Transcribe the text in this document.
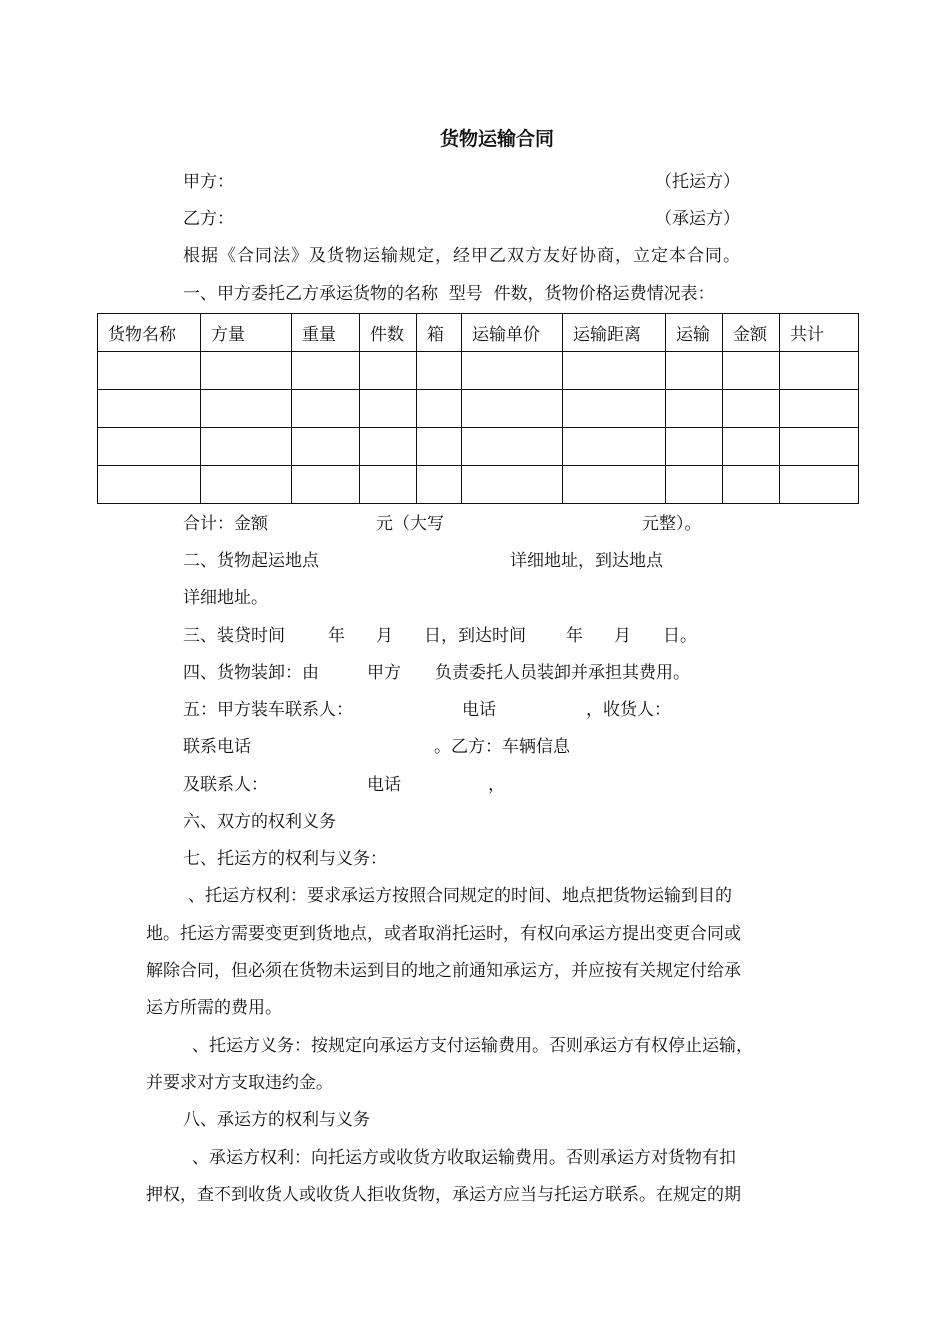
货物运输合同
甲方：	（托运方）
乙方：	（承运方）
根据《合同法》及货物运输规定，经甲乙双方友好协商，立定本合同。
一、甲方委托乙方承运货物的名称  型号  件数，货物价格运费情况表：
货物名称	方量	重量	件数	箱	运输单价	运输距离	运输	金额	共计

合计：金额	元（大写	元整）。
二、货物起运地点	详细地址，到达地点
详细地址。
三、装贷时间	年 月 日，到达时间 年 月 日。
四、货物装卸：由	甲方 负责委托人员装卸并承担其费用。
五：甲方装车联系人：	电话	，收货人：
联系电话	。乙方：车辆信息
及联系人：	电话	，
六、双方的权利义务
七、托运方的权利与义务：
、托运方权利：要求承运方按照合同规定的时间、地点把货物运输到目的
地。托运方需要变更到货地点，或者取消托运时，有权向承运方提出变更合同或
解除合同，但必须在货物未运到目的地之前通知承运方，并应按有关规定付给承
运方所需的费用。
、托运方义务：按规定向承运方支付运输费用。否则承运方有权停止运输，
并要求对方支取违约金。
八、承运方的权利与义务
、承运方权利：向托运方或收货方收取运输费用。否则承运方对货物有扣
押权，查不到收货人或收货人拒收货物，承运方应当与托运方联系。在规定的期
